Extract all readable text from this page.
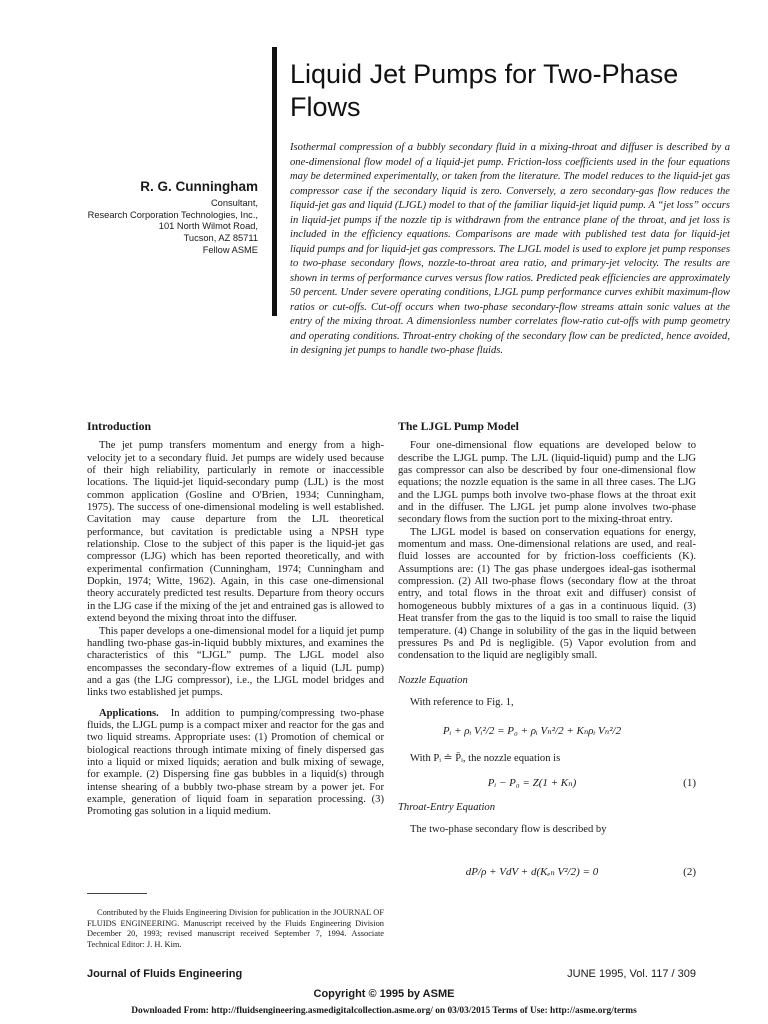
Liquid Jet Pumps for Two-Phase Flows
Isothermal compression of a bubbly secondary fluid in a mixing-throat and diffuser is described by a one-dimensional flow model of a liquid-jet pump. Friction-loss coefficients used in the four equations may be determined experimentally, or taken from the literature. The model reduces to the liquid-jet gas compressor case if the secondary liquid is zero. Conversely, a zero secondary-gas flow reduces the liquid-jet gas and liquid (LJGL) model to that of the familiar liquid-jet liquid pump. A “jet loss” occurs in liquid-jet pumps if the nozzle tip is withdrawn from the entrance plane of the throat, and jet loss is included in the efficiency equations. Comparisons are made with published test data for liquid-jet liquid pumps and for liquid-jet gas compressors. The LJGL model is used to explore jet pump responses to two-phase secondary flows, nozzle-to-throat area ratio, and primary-jet velocity. The results are shown in terms of performance curves versus flow ratios. Predicted peak efficiencies are approximately 50 percent. Under severe operating conditions, LJGL pump performance curves exhibit maximum-flow ratios or cut-offs. Cut-off occurs when two-phase secondary-flow streams attain sonic values at the entry of the mixing throat. A dimensionless number correlates flow-ratio cut-offs with pump geometry and operating conditions. Throat-entry choking of the secondary flow can be predicted, hence avoided, in designing jet pumps to handle two-phase fluids.
R. G. Cunningham
Consultant,
Research Corporation Technologies, Inc.,
101 North Wilmot Road,
Tucson, AZ 85711
Fellow ASME
Introduction

The jet pump transfers momentum and energy from a high-velocity jet to a secondary fluid. Jet pumps are widely used because of their high reliability, particularly in remote or inaccessible locations. The liquid-jet liquid-secondary pump (LJL) is the most common application (Gosline and O'Brien, 1934; Cunningham, 1975). The success of one-dimensional modeling is well established. Cavitation may cause departure from the LJL theoretical performance, but cavitation is predictable using a NPSH type relationship. Close to the subject of this paper is the liquid-jet gas compressor (LJG) which has been reported theoretically, and with experimental confirmation (Cunningham, 1974; Cunningham and Dopkin, 1974; Witte, 1962). Again, in this case one-dimensional theory accurately predicted test results. Departure from theory occurs in the LJG case if the mixing of the jet and entrained gas is allowed to extend beyond the mixing throat into the diffuser.

This paper develops a one-dimensional model for a liquid jet pump handling two-phase gas-in-liquid bubbly mixtures, and examines the characteristics of this “LJGL” pump. The LJGL model also encompasses the secondary-flow extremes of a liquid (LJL pump) and a gas (the LJG compressor), i.e., the LJGL model bridges and links two established jet pumps.

Applications. In addition to pumping/compressing two-phase fluids, the LJGL pump is a compact mixer and reactor for the gas and two liquid streams. Appropriate uses: (1) Promotion of chemical or biological reactions through intimate mixing of finely dispersed gas into a liquid or mixed liquids; aeration and bulk mixing of sewage, for example. (2) Dispersing fine gas bubbles in a liquid(s) through intense shearing of a bubbly two-phase stream by a power jet. For example, generation of liquid foam in separation processing. (3) Promoting gas solution in a liquid medium.

The LJGL Pump Model

Four one-dimensional flow equations are developed below to describe the LJGL pump. The LJL (liquid-liquid) pump and the LJG gas compressor can also be described by four one-dimensional flow equations; the nozzle equation is the same in all three cases. The LJG and the LJGL pumps both involve two-phase flows at the throat exit and in the diffuser. The LJGL jet pump alone involves two-phase secondary flows from the suction port to the mixing-throat entry.

The LJGL model is based on conservation equations for energy, momentum and mass. One-dimensional relations are used, and real-fluid losses are accounted for by friction-loss coefficients (K). Assumptions are: (1) The gas phase undergoes ideal-gas isothermal compression. (2) All two-phase flows (secondary flow at the throat entry, and total flows in the throat exit and diffuser) consist of homogeneous bubbly mixtures of a gas in a continuous liquid. (3) Heat transfer from the gas to the liquid is too small to raise the liquid temperature. (4) Change in solubility of the gas in the liquid between pressures Ps and Pd is negligible. (5) Vapor evolution from and condensation to the liquid are negligibly small.

Nozzle Equation

With reference to Fig. 1,

Pᵢ + ρᵢ Vᵢ²/2 = P₀ + ρᵢ Vₙ²/2 + Kₙρᵢ Vₙ²/2

With Pᵢ ≐ P̄ᵢ, the nozzle equation is

Pᵢ − P₀ = Z(1 + Kₙ)	(1)

Throat-Entry Equation

The two-phase secondary flow is described by

dP/ρ + VdV + d(Kₑₙ V²/2) = 0	(2)
Contributed by the Fluids Engineering Division for publication in the JOURNAL OF FLUIDS ENGINEERING. Manuscript received by the Fluids Engineering Division December 20, 1993; revised manuscript received September 7, 1994. Associate Technical Editor: J. H. Kim.
Journal of Fluids Engineering	JUNE 1995, Vol. 117 / 309
Copyright © 1995 by ASME
Downloaded From: http://fluidsengineering.asmedigitalcollection.asme.org/ on 03/03/2015 Terms of Use: http://asme.org/terms
